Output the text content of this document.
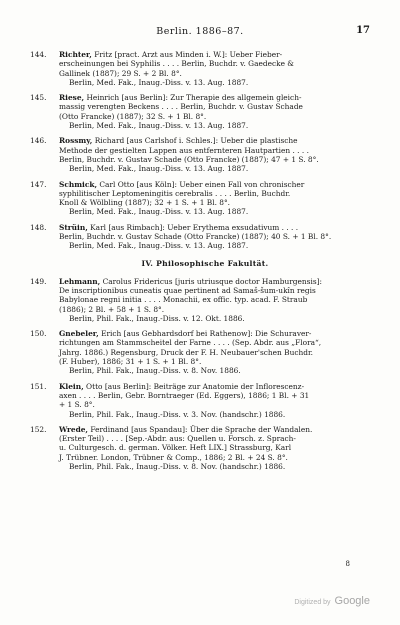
Berlin. 1886–87.	17
144. Richter, Fritz [pract. Arzt aus Minden i. W.]: Ueber Fieber-
erscheinungen bei Syphilis . . . . Berlin, Buchdr. v. Gaedecke &
Gallinek (1887); 29 S. + 2 Bl. 8°.
Berlin, Med. Fak., Inaug.-Diss. v. 13. Aug. 1887.
145. Riese, Heinrich [aus Berlin]: Zur Therapie des allgemein gleich-
massig verengten Beckens . . . . Berlin, Buchdr. v. Gustav Schade
(Otto Francke) (1887); 32 S. + 1 Bl. 8°.
Berlin, Med. Fak., Inaug.-Diss. v. 13. Aug. 1887.
146. Rossmy, Richard [aus Carlshof i. Schles.]: Ueber die plastische
Methode der gestielten Lappen aus entfernteren Hautpartien . . . .
Berlin, Buchdr. v. Gustav Schade (Otto Francke) (1887); 47 + 1 S. 8°.
Berlin, Med. Fak., Inaug.-Diss. v. 13. Aug. 1887.
147. Schmick, Carl Otto [aus Köln]: Ueber einen Fall von chronischer
syphilitischer Leptomeningitis cerebralis . . . . Berlin, Buchdr.
Knoll & Wölbling (1887); 32 + 1 S. + 1 Bl. 8°.
Berlin, Med. Fak., Inaug.-Diss. v. 13. Aug. 1887.
148. Strüin, Karl [aus Rimbach]: Ueber Erythema exsudativum . . . .
Berlin, Buchdr. v. Gustav Schade (Otto Francke) (1887); 40 S. + 1 Bl. 8°.
Berlin, Med. Fak., Inaug.-Diss. v. 13. Aug. 1887.
IV. Philosophische Fakultät.
149. Lehmann, Carolus Fridericus [juris utriusque doctor Hamburgensis]:
De inscriptionibus cuneatis quae pertinent ad Samaš-šum-ukîn regis
Babylonae regni initia . . . . Monachii, ex offic. typ. acad. F. Straub
(1886); 2 Bl. + 58 + 1 S. 8°.
Berlin, Phil. Fak., Inaug.-Diss. v. 12. Okt. 1886.
150. Gnebeler, Erich [aus Gebhardsdorf bei Rathenow]: Die Schuraver-
richtungen am Stammscheitel der Farne . . . . (Sep. Abdr. aus „Flora“,
Jahrg. 1886.) Regensburg, Druck der F. H. Neubauer'schen Buchdr.
(F. Huber), 1886; 31 + 1 S. + 1 Bl. 8°.
Berlin, Phil. Fak., Inaug.-Diss. v. 8. Nov. 1886.
151. Klein, Otto [aus Berlin]: Beiträge zur Anatomie der Inflorescenz-
axen . . . . Berlin, Gebr. Borntraeger (Ed. Eggers), 1886; 1 Bl. + 31
+ 1 S. 8°.
Berlin, Phil. Fak., Inaug.-Diss. v. 3. Nov. (handschr.) 1886.
152. Wrede, Ferdinand [aus Spandau]: Über die Sprache der Wandalen.
(Erster Teil) . . . . [Sep.-Abdr. aus: Quellen u. Forsch. z. Sprach-
u. Culturgesch. d. german. Völker. Heft LIX.] Strassburg, Karl
J. Trübner. London, Trübner & Comp., 1886; 2 Bl. + 24 S. 8°.
Berlin, Phil. Fak., Inaug.-Diss. v. 8. Nov. (handschr.) 1886.
8
Digitized by Google
